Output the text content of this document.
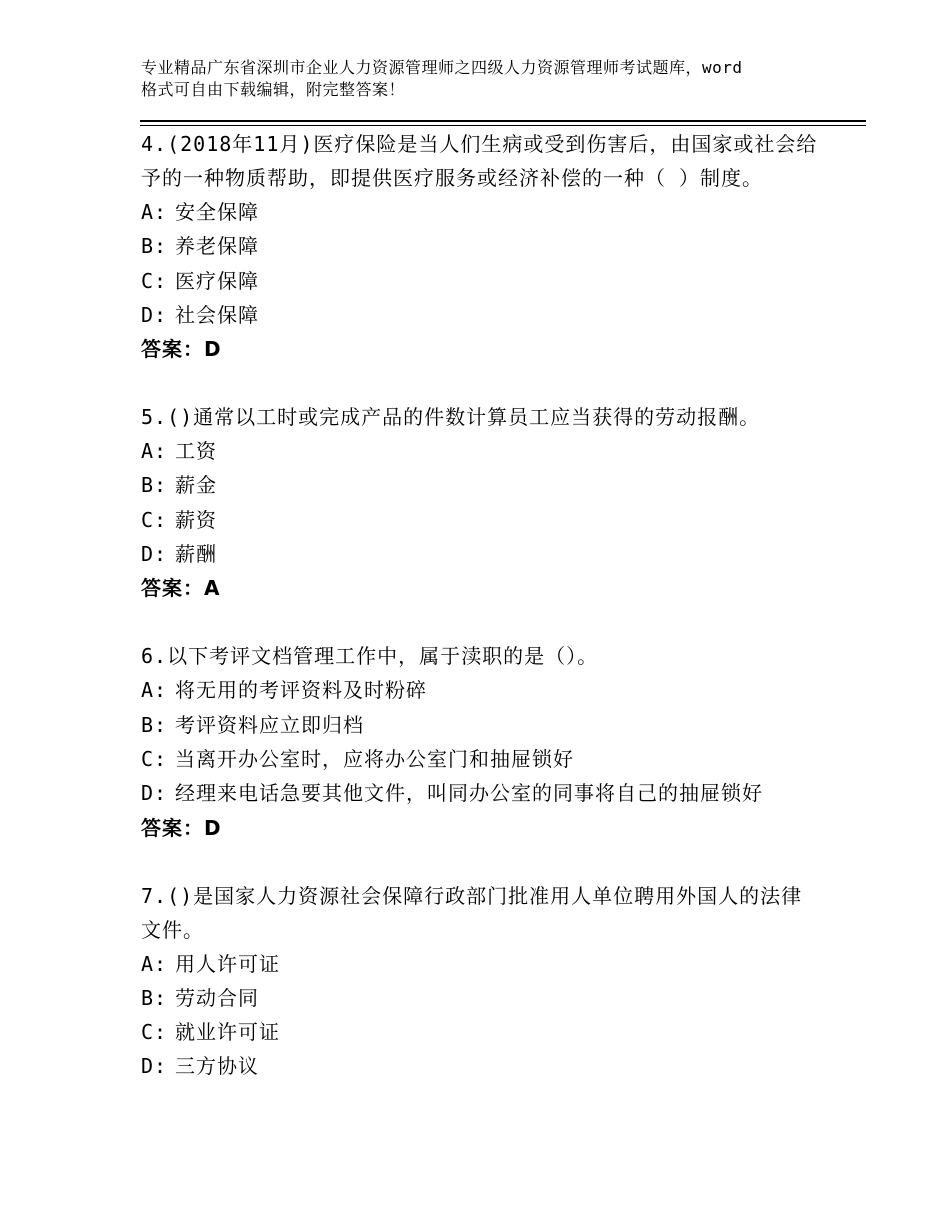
专业精品广东省深圳市企业人力资源管理师之四级人力资源管理师考试题库，word
格式可自由下载编辑，附完整答案！

4.(2018年11月)医疗保险是当人们生病或受到伤害后，由国家或社会给予的一种物质帮助，即提供医疗服务或经济补偿的一种（ ）制度。

A: 安全保障
B: 养老保障
C: 医疗保障
D: 社会保障
答案：D

5.()通常以工时或完成产品的件数计算员工应当获得的劳动报酬。

A: 工资
B: 薪金
C: 薪资
D: 薪酬
答案：A

6.以下考评文档管理工作中，属于渎职的是（）。

A: 将无用的考评资料及时粉碎
B: 考评资料应立即归档
C: 当离开办公室时，应将办公室门和抽屉锁好
D: 经理来电话急要其他文件，叫同办公室的同事将自己的抽屉锁好
答案：D

7.()是国家人力资源社会保障行政部门批准用人单位聘用外国人的法律文件。

A: 用人许可证
B: 劳动合同
C: 就业许可证
D: 三方协议
